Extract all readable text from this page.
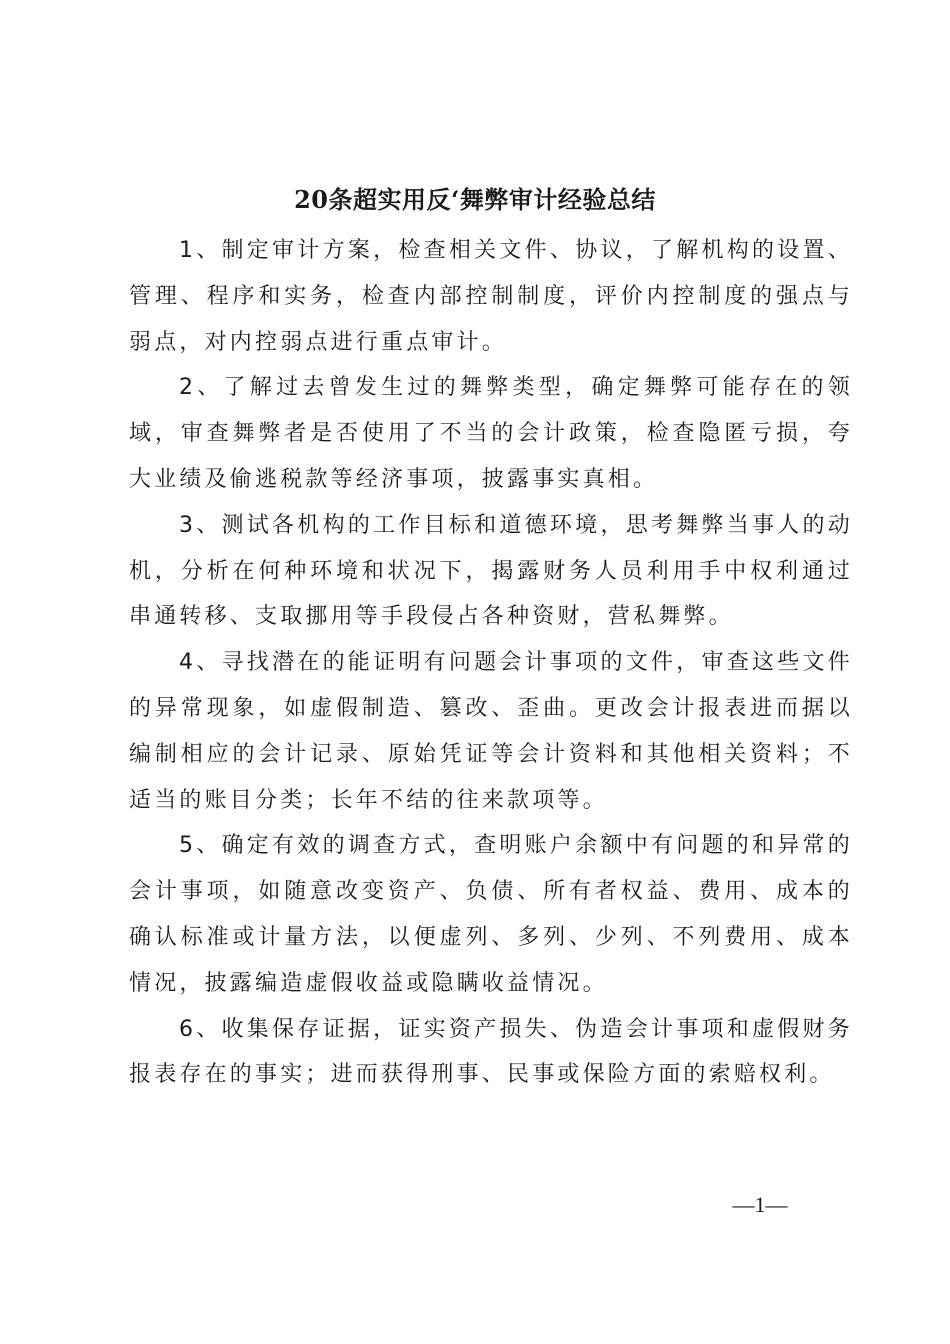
20条超实用反‘舞弊审计经验总结

1、制定审计方案，检查相关文件、协议，了解机构的设置、管理、程序和实务，检查内部控制制度，评价内控制度的强点与弱点，对内控弱点进行重点审计。

2、了解过去曾发生过的舞弊类型，确定舞弊可能存在的领域，审查舞弊者是否使用了不当的会计政策，检查隐匿亏损，夸大业绩及偷逃税款等经济事项，披露事实真相。

3、测试各机构的工作目标和道德环境，思考舞弊当事人的动机，分析在何种环境和状况下，揭露财务人员利用手中权利通过串通转移、支取挪用等手段侵占各种资财，营私舞弊。

4、寻找潜在的能证明有问题会计事项的文件，审查这些文件的异常现象，如虚假制造、篡改、歪曲。更改会计报表进而据以编制相应的会计记录、原始凭证等会计资料和其他相关资料；不适当的账目分类；长年不结的往来款项等。

5、确定有效的调查方式，查明账户余额中有问题的和异常的会计事项，如随意改变资产、负债、所有者权益、费用、成本的确认标准或计量方法，以便虚列、多列、少列、不列费用、成本情况，披露编造虚假收益或隐瞒收益情况。

6、收集保存证据，证实资产损失、伪造会计事项和虚假财务报表存在的事实；进而获得刑事、民事或保险方面的索赔权利。

—1—
